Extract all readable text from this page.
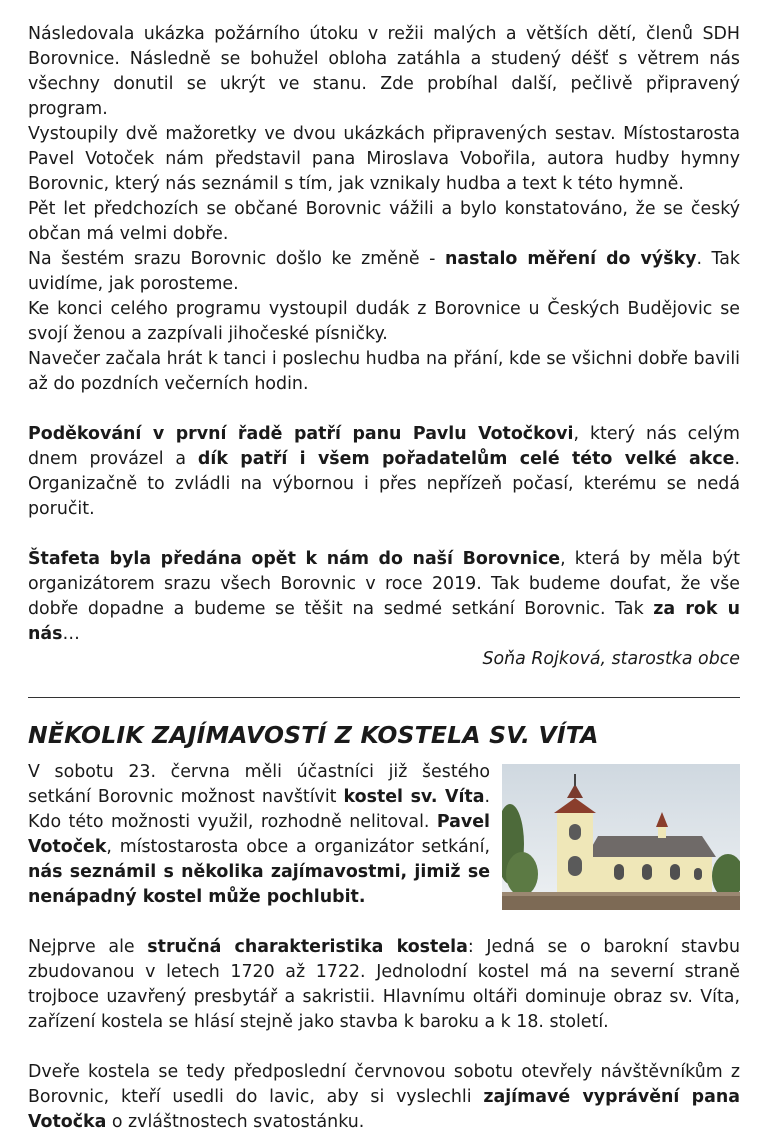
Následovala ukázka požárního útoku v režii malých a větších dětí, členů SDH Borovnice. Následně se bohužel obloha zatáhla a studený déšť s větrem nás všechny donutil se ukrýt ve stanu. Zde probíhal další, pečlivě připravený program.

Vystoupily dvě mažoretky ve dvou ukázkách připravených sestav. Místostarosta Pavel Votoček nám představil pana Miroslava Vobořila, autora hudby hymny Borovnic, který nás seznámil s tím, jak vznikaly hudba a text k této hymně.

Pět let předchozích se občané Borovnic vážili a bylo konstatováno, že se český občan má velmi dobře.

Na šestém srazu Borovnic došlo ke změně - nastalo měření do výšky. Tak uvidíme, jak porosteme.

Ke konci celého programu vystoupil dudák z Borovnice u Českých Budějovic se svojí ženou a zazpívali jihočeské písničky.

Navečer začala hrát k tanci i poslechu hudba na přání, kde se všichni dobře bavili až do pozdních večerních hodin.

Poděkování v první řadě patří panu Pavlu Votočkovi, který nás celým dnem provázel a dík patří i všem pořadatelům celé této velké akce. Organizačně to zvládli na výbornou i přes nepřízeň počasí, kterému se nedá poručit.

Štafeta byla předána opět k nám do naší Borovnice, která by měla být organizátorem srazu všech Borovnic v roce 2019. Tak budeme doufat, že vše dobře dopadne a budeme se těšit na sedmé setkání Borovnic. Tak za rok u nás…

Soňa Rojková, starostka obce

NĚKOLIK ZAJÍMAVOSTÍ Z KOSTELA SV. VÍTA

V sobotu 23. června měli účastníci již šestého setkání Borovnic možnost navštívit kostel sv. Víta. Kdo této možnosti využil, rozhodně nelitoval. Pavel Votoček, místostarosta obce a organizátor setkání, nás seznámil s několika zajímavostmi, jimiž se nenápadný kostel může pochlubit.

Nejprve ale stručná charakteristika kostela: Jedná se o barokní stavbu zbudovanou v letech 1720 až 1722. Jednolodní kostel má na severní straně trojboce uzavřený presbytář a sakristii. Hlavnímu oltáři dominuje obraz sv. Víta, zařízení kostela se hlásí stejně jako stavba k baroku a k 18. století.

Dveře kostela se tedy předposlední červnovou sobotu otevřely návštěvníkům z Borovnic, kteří usedli do lavic, aby si vyslechli zajímavé vyprávění pana Votočka o zvláštnostech svatostánku.
